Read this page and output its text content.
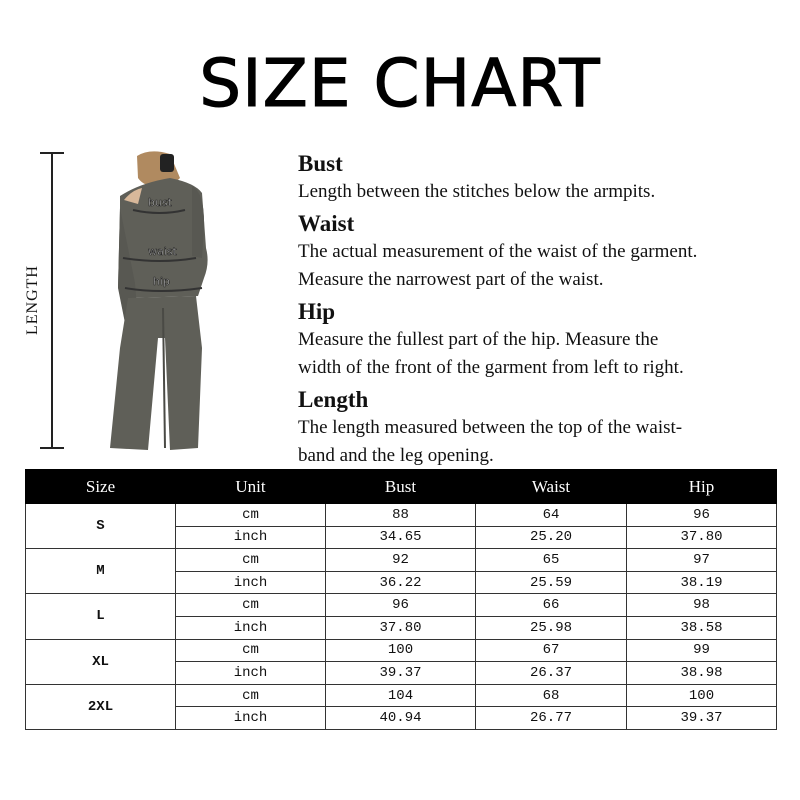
SIZE CHART
LENGTH
bust
waist
hip
Bust

Length between the stitches below the armpits.

Waist

The actual measurement of the waist of the garment.
Measure the narrowest part of the waist.

Hip

Measure the fullest part of the hip. Measure the
width of the front of the garment from left to right.

Length

The length measured between the top of the waist-
band and the leg opening.

Size	Unit	Bust	Waist	Hip
S	cm	88	64	96
	inch	34.65	25.20	37.80
M	cm	92	65	97
	inch	36.22	25.59	38.19
L	cm	96	66	98
	inch	37.80	25.98	38.58
XL	cm	100	67	99
	inch	39.37	26.37	38.98
2XL	cm	104	68	100
	inch	40.94	26.77	39.37
